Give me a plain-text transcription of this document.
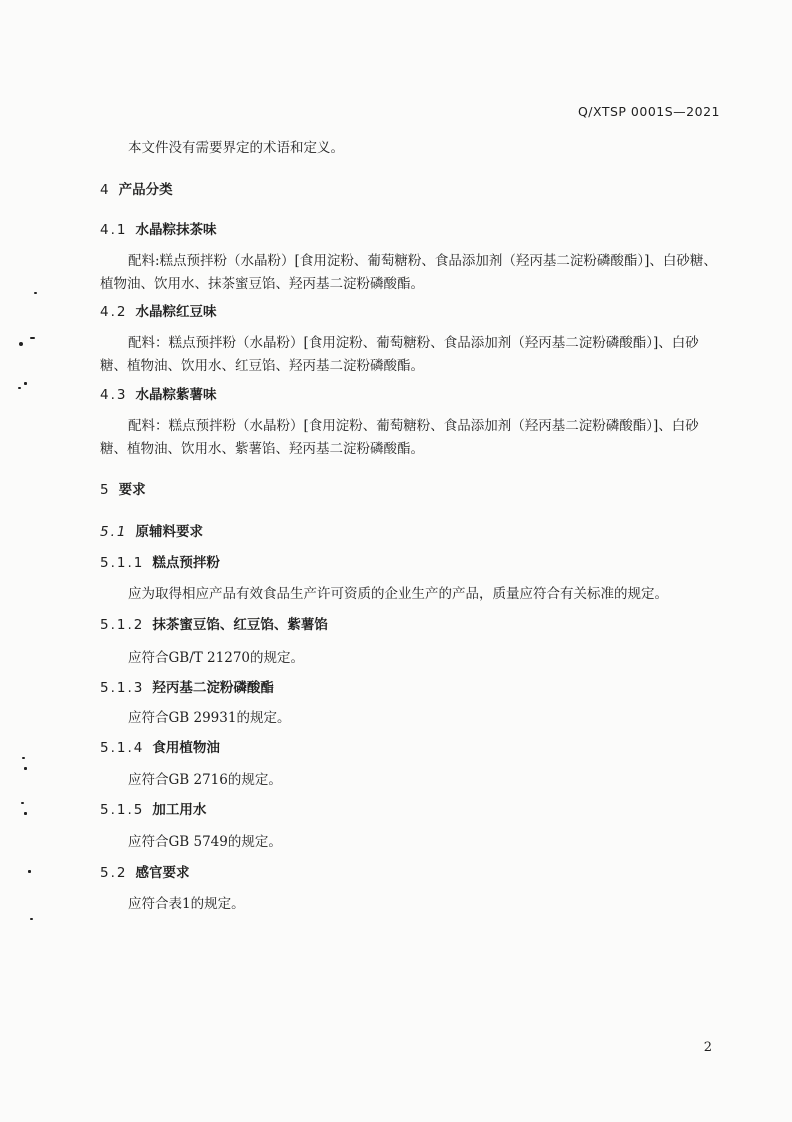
Q/XTSP 0001S—2021
本文件没有需要界定的术语和定义。
4 产品分类
4.1 水晶粽抹茶味
配料:糕点预拌粉（水晶粉）[食用淀粉、葡萄糖粉、食品添加剂（羟丙基二淀粉磷酸酯）]、白砂糖、植物油、饮用水、抹茶蜜豆馅、羟丙基二淀粉磷酸酯。
4.2 水晶粽红豆味
配料：糕点预拌粉（水晶粉）[食用淀粉、葡萄糖粉、食品添加剂（羟丙基二淀粉磷酸酯）]、白砂糖、植物油、饮用水、红豆馅、羟丙基二淀粉磷酸酯。
4.3 水晶粽紫薯味
配料：糕点预拌粉（水晶粉）[食用淀粉、葡萄糖粉、食品添加剂（羟丙基二淀粉磷酸酯）]、白砂糖、植物油、饮用水、紫薯馅、羟丙基二淀粉磷酸酯。
5 要求
5.1 原辅料要求
5.1.1 糕点预拌粉
应为取得相应产品有效食品生产许可资质的企业生产的产品，质量应符合有关标准的规定。
5.1.2 抹茶蜜豆馅、红豆馅、紫薯馅
应符合GB/T 21270的规定。
5.1.3 羟丙基二淀粉磷酸酯
应符合GB 29931的规定。
5.1.4 食用植物油
应符合GB 2716的规定。
5.1.5 加工用水
应符合GB 5749的规定。
5.2 感官要求
应符合表1的规定。
2
